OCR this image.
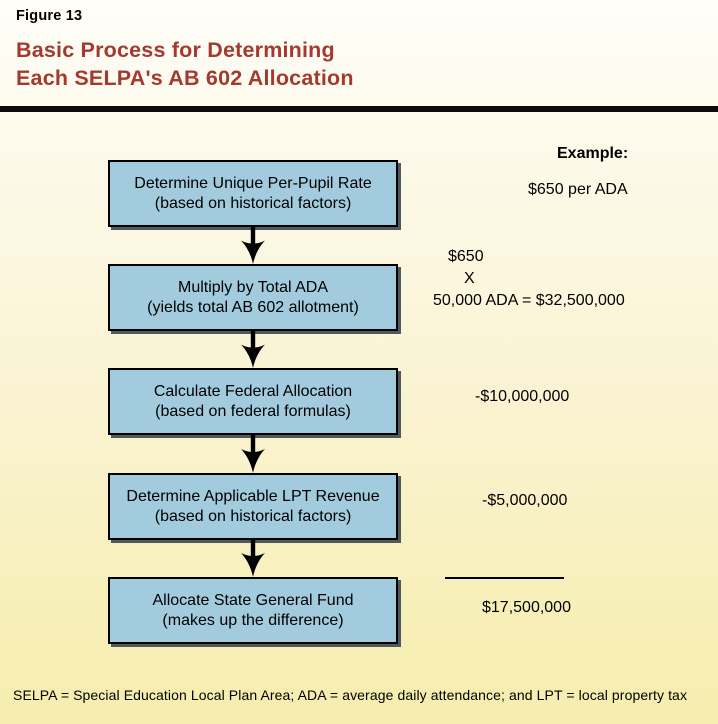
Figure 13
Basic Process for Determining
Each SELPA's AB 602 Allocation
Determine Unique Per-Pupil Rate
(based on historical factors)
Multiply by Total ADA
(yields total AB 602 allotment)
Calculate Federal Allocation
(based on federal formulas)
Determine Applicable LPT Revenue
(based on historical factors)
Allocate State General Fund
(makes up the difference)
Example:
$650 per ADA
$650
X
50,000 ADA = $32,500,000
-$10,000,000
-$5,000,000
$17,500,000
SELPA = Special Education Local Plan Area; ADA = average daily attendance; and LPT = local property tax
